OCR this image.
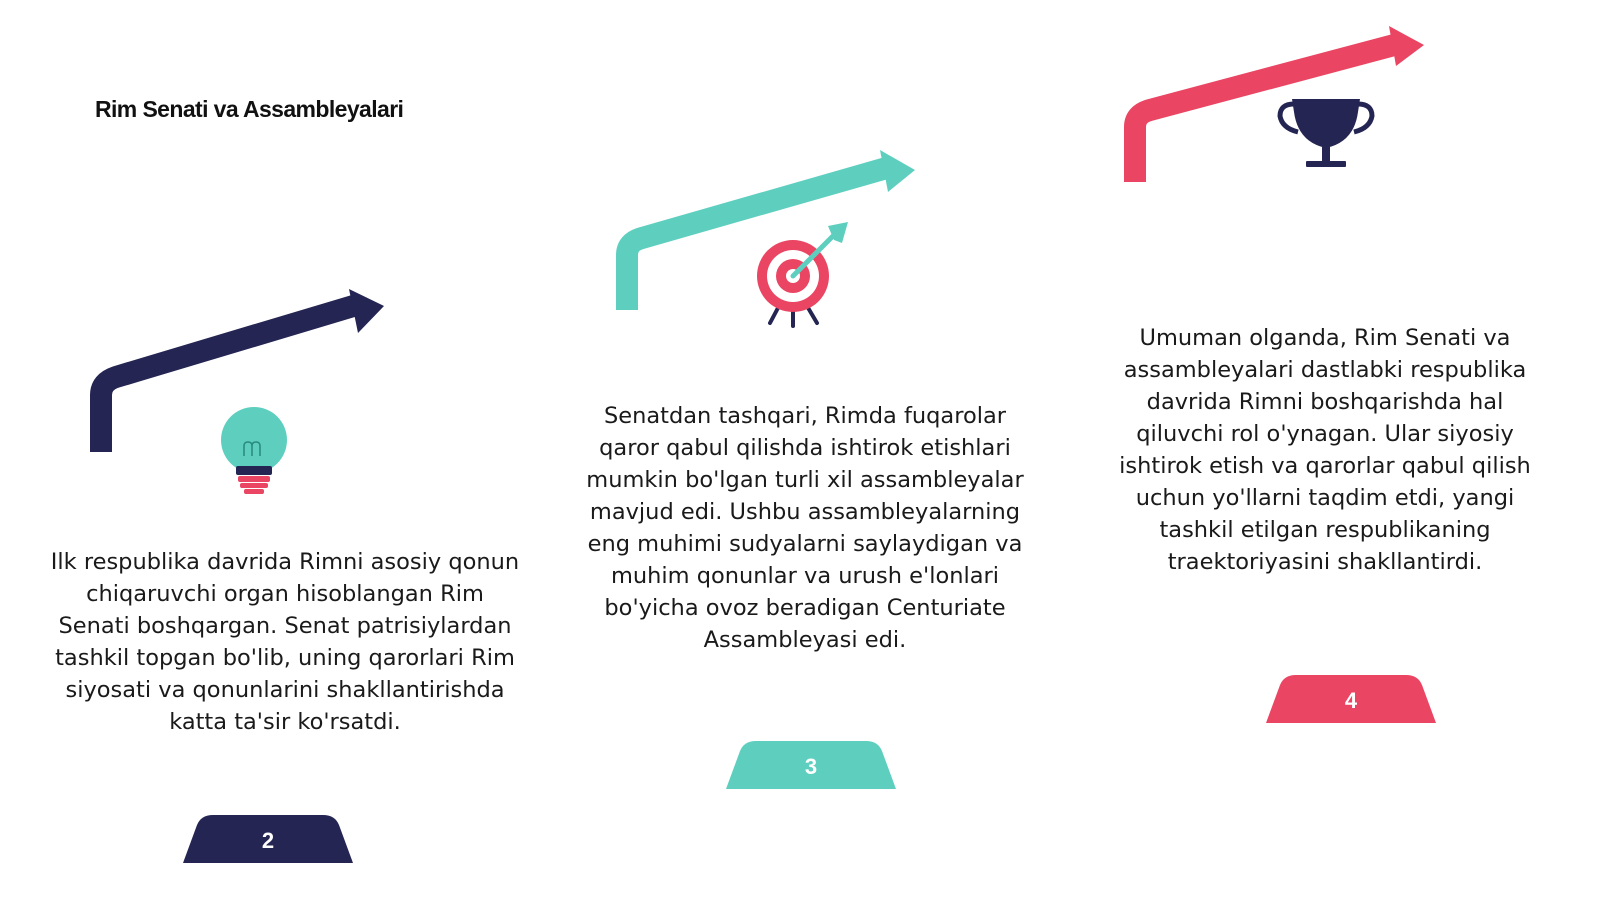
Rim Senati va Assambleyalari

Ilk respublika davrida Rimni asosiy qonun chiqaruvchi organ hisoblangan Rim Senati boshqargan. Senat patrisiylardan tashkil topgan bo'lib, uning qarorlari Rim siyosati va qonunlarini shakllantirishda katta ta'sir ko'rsatdi.

Senatdan tashqari, Rimda fuqarolar qaror qabul qilishda ishtirok etishlari mumkin bo'lgan turli xil assambleyalar mavjud edi. Ushbu assambleyalarning eng muhimi sudyalarni saylaydigan va muhim qonunlar va urush e'lonlari bo'yicha ovoz beradigan Centuriate Assambleyasi edi.

Umuman olganda, Rim Senati va assambleyalari dastlabki respublika davrida Rimni boshqarishda hal qiluvchi rol o'ynagan. Ular siyosiy ishtirok etish va qarorlar qabul qilish uchun yo'llarni taqdim etdi, yangi tashkil etilgan respublikaning traektoriyasini shakllantirdi.

2
3
4
